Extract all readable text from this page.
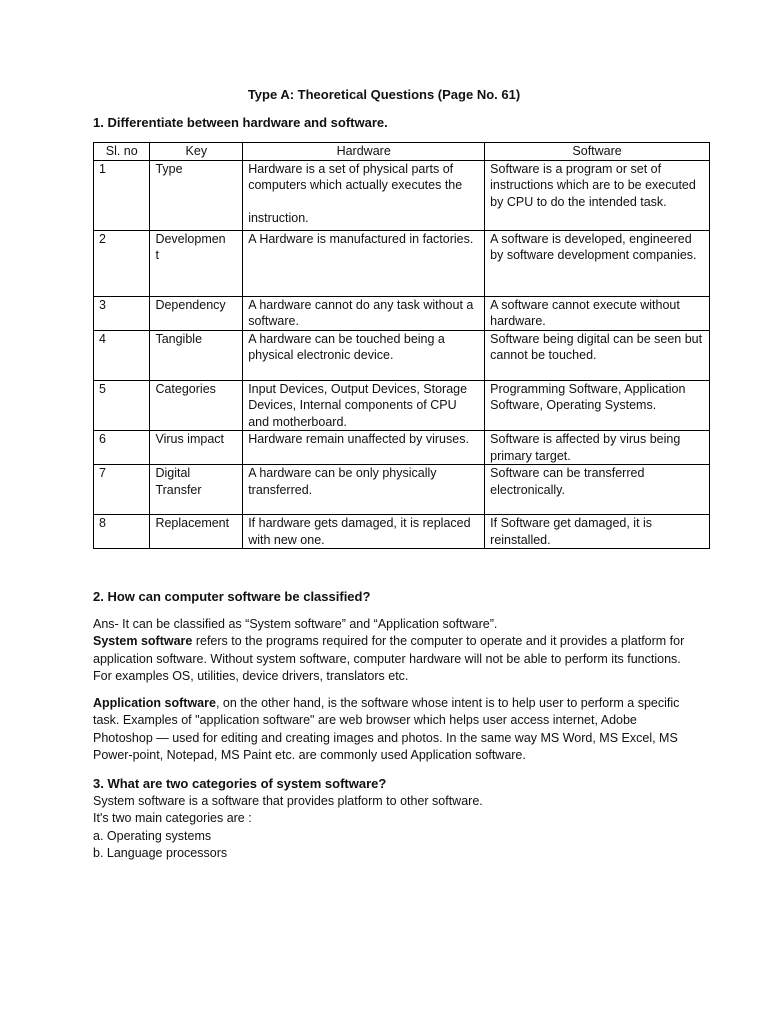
Type A: Theoretical Questions (Page No. 61)
1. Differentiate between hardware and software.
Sl. no	Key	Hardware	Software
1	Type	Hardware is a set of physical parts of computers which actually executes the

instruction.	Software is a program or set of instructions which are to be executed by CPU to do the intended task.
2	Developmen
t	A Hardware is manufactured in factories.	A software is developed, engineered by software development companies.
3	Dependency	A hardware cannot do any task without a software.	A software cannot execute without hardware.
4	Tangible	A hardware can be touched being a physical electronic device.	Software being digital can be seen but cannot be touched.
5	Categories	Input Devices, Output Devices, Storage Devices, Internal components of CPU and motherboard.	Programming Software, Application Software, Operating Systems.
6	Virus impact	Hardware remain unaffected by viruses.	Software is affected by virus being primary target.
7	Digital
Transfer	A hardware can be only physically transferred.	Software can be transferred electronically.
8	Replacement	If hardware gets damaged, it is replaced with new one.	If Software get damaged, it is reinstalled.
2. How can computer software be classified?

Ans- It can be classified as “System software” and “Application software”.

System software refers to the programs required for the computer to operate and it provides a platform for application software. Without system software, computer hardware will not be able to perform its functions. For examples OS, utilities, device drivers, translators etc.

Application software, on the other hand, is the software whose intent is to help user to perform a specific task. Examples of "application software" are web browser which helps user access internet, Adobe Photoshop — used for editing and creating images and photos. In the same way MS Word, MS Excel, MS Power-point, Notepad, MS Paint etc. are commonly used Application software.

3. What are two categories of system software?

System software is a software that provides platform to other software.

It's two main categories are :

a. Operating systems

b. Language processors
